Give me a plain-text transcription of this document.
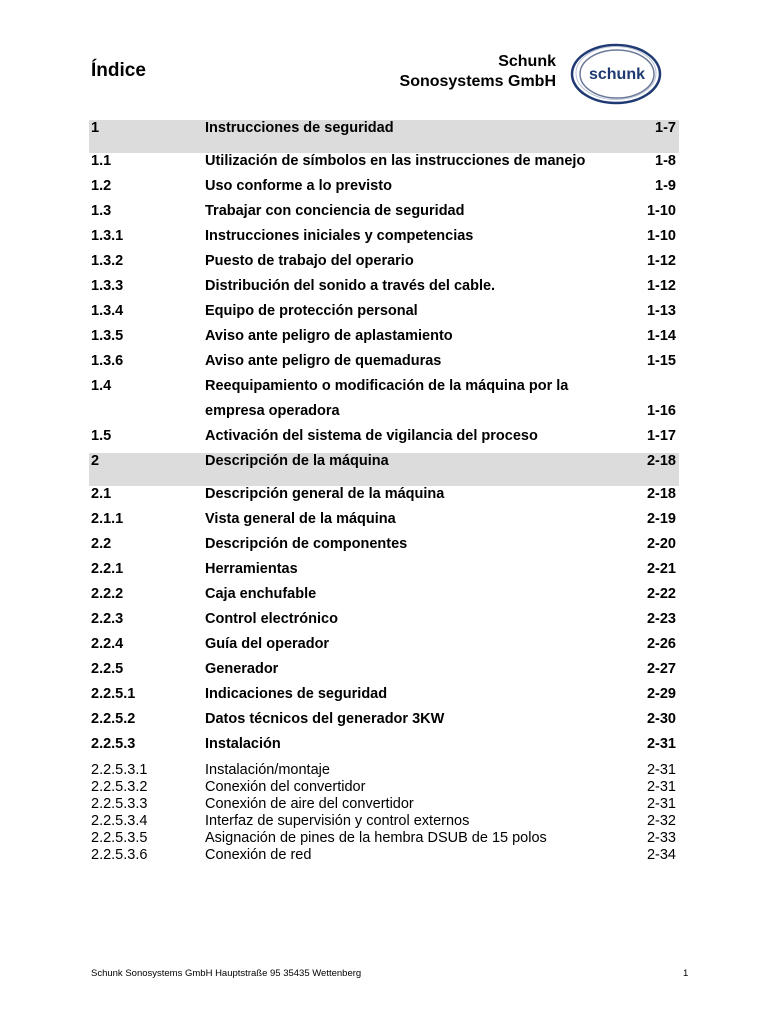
Índice	Schunk
Sonosystems GmbH schunk
1	Instrucciones de seguridad	1-7
1.1	Utilización de símbolos en las instrucciones de manejo	1-8
1.2	Uso conforme a lo previsto	1-9
1.3	Trabajar con conciencia de seguridad	1-10
1.3.1	Instrucciones iniciales y competencias	1-10
1.3.2	Puesto de trabajo del operario	1-12
1.3.3	Distribución del sonido a través del cable.	1-12
1.3.4	Equipo de protección personal	1-13
1.3.5	Aviso ante peligro de aplastamiento	1-14
1.3.6	Aviso ante peligro de quemaduras	1-15
1.4	Reequipamiento o modificación de la máquina por la
empresa operadora	1-16
1.5	Activación del sistema de vigilancia del proceso	1-17
2	Descripción de la máquina	2-18
2.1	Descripción general de la máquina	2-18
2.1.1	Vista general de la máquina	2-19
2.2	Descripción de componentes	2-20
2.2.1	Herramientas	2-21
2.2.2	Caja enchufable	2-22
2.2.3	Control electrónico	2-23
2.2.4	Guía del operador	2-26
2.2.5	Generador	2-27
2.2.5.1	Indicaciones de seguridad	2-29
2.2.5.2	Datos técnicos del generador 3KW	2-30
2.2.5.3	Instalación	2-31
2.2.5.3.1	Instalación/montaje	2-31
2.2.5.3.2	Conexión del convertidor	2-31
2.2.5.3.3	Conexión de aire del convertidor	2-31
2.2.5.3.4	Interfaz de supervisión y control externos	2-32
2.2.5.3.5	Asignación de pines de la hembra DSUB de 15 polos	2-33
2.2.5.3.6	Conexión de red	2-34
Schunk Sonosystems GmbH Hauptstraße 95 35435 Wettenberg	1
